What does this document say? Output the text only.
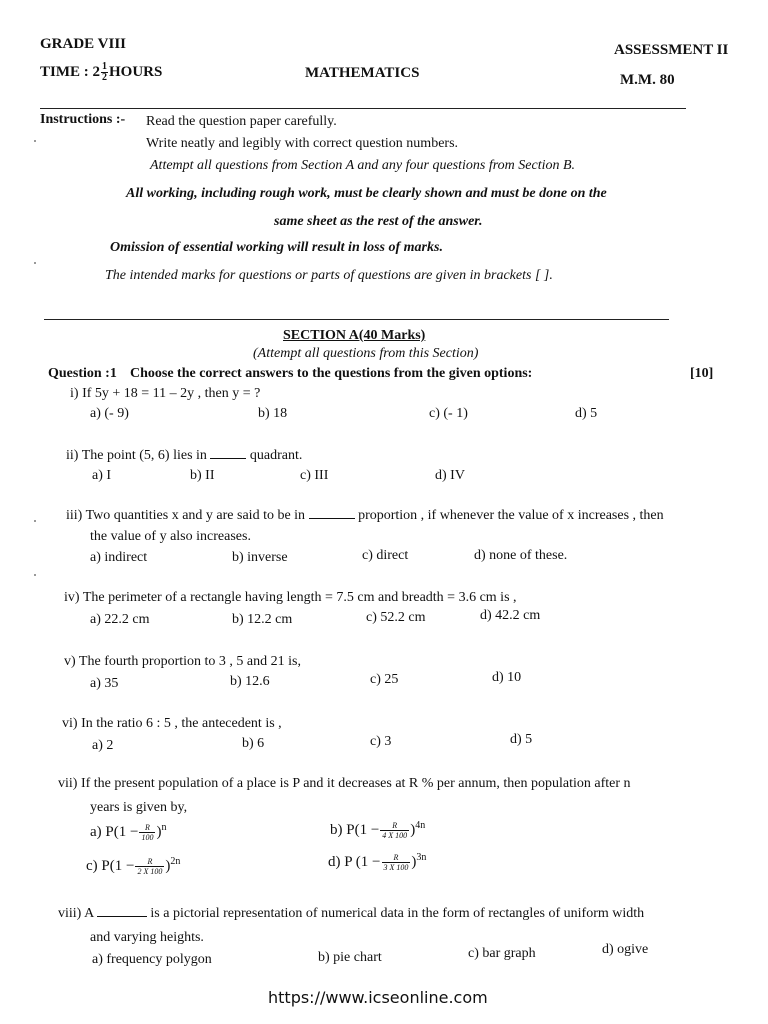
GRADE VIII
TIME : $2 \frac{1}{2}$ HOURS	MATHEMATICS
ASSESSMENT II
M.M. 80
Instructions :- Read the question paper carefully.
Write neatly and legibly with correct question numbers.
Attempt all questions from Section A and any four questions from Section B.
All working, including rough work, must be clearly shown and must be done on the
same sheet as the rest of the answer.
Omission of essential working will result in loss of marks.
The intended marks for questions or parts of questions are given in brackets [ ].
SECTION A(40 Marks)
(Attempt all questions from this Section)
Question :1 Choose the correct answers to the questions from the given options:	[10]
i) If 5y + 18 = 11 – 2y , then y = ?
a) (- 9)	b) 18	c) (- 1)	d) 5
ii) The point (5, 6) lies in	quadrant.
a) I	b) II	c) III	d) IV
iii) Two quantities x and y are said to be in	proportion , if whenever the value of x increases , then
the value of y also increases.
a) indirect	b) inverse	c) direct	d) none of these.
iv) The perimeter of a rectangle having length = 7.5 cm and breadth = 3.6 cm is ,
a) 22.2 cm	b) 12.2 cm	c) 52.2 cm	d) 42.2 cm
v) The fourth proportion to 3 , 5 and 21 is,
a) 35	b) 12.6	c) 25	d) 10
vi) In the ratio 6 : 5 , the antecedent is ,
a) 2	b) 6	c) 3	d) 5
vii) If the present population of a place is P and it decreases at R % per annum, then population after n
years is given by,
a) $P(1 - \frac{R}{100} )^n$	b) $P(1 - \frac{R}{4 X 100} )^{4n}$
c) $P(1 - \frac{R}{2 X 100} )^{2n}$	d) P $(1 - \frac{R}{3 X 100} )^{3n}$
viii) A	is a pictorial representation of numerical data in the form of rectangles of uniform width
and varying heights.
a) frequency polygon	b) pie chart	c) bar graph	d) ogive
https://www.icseonline.com
